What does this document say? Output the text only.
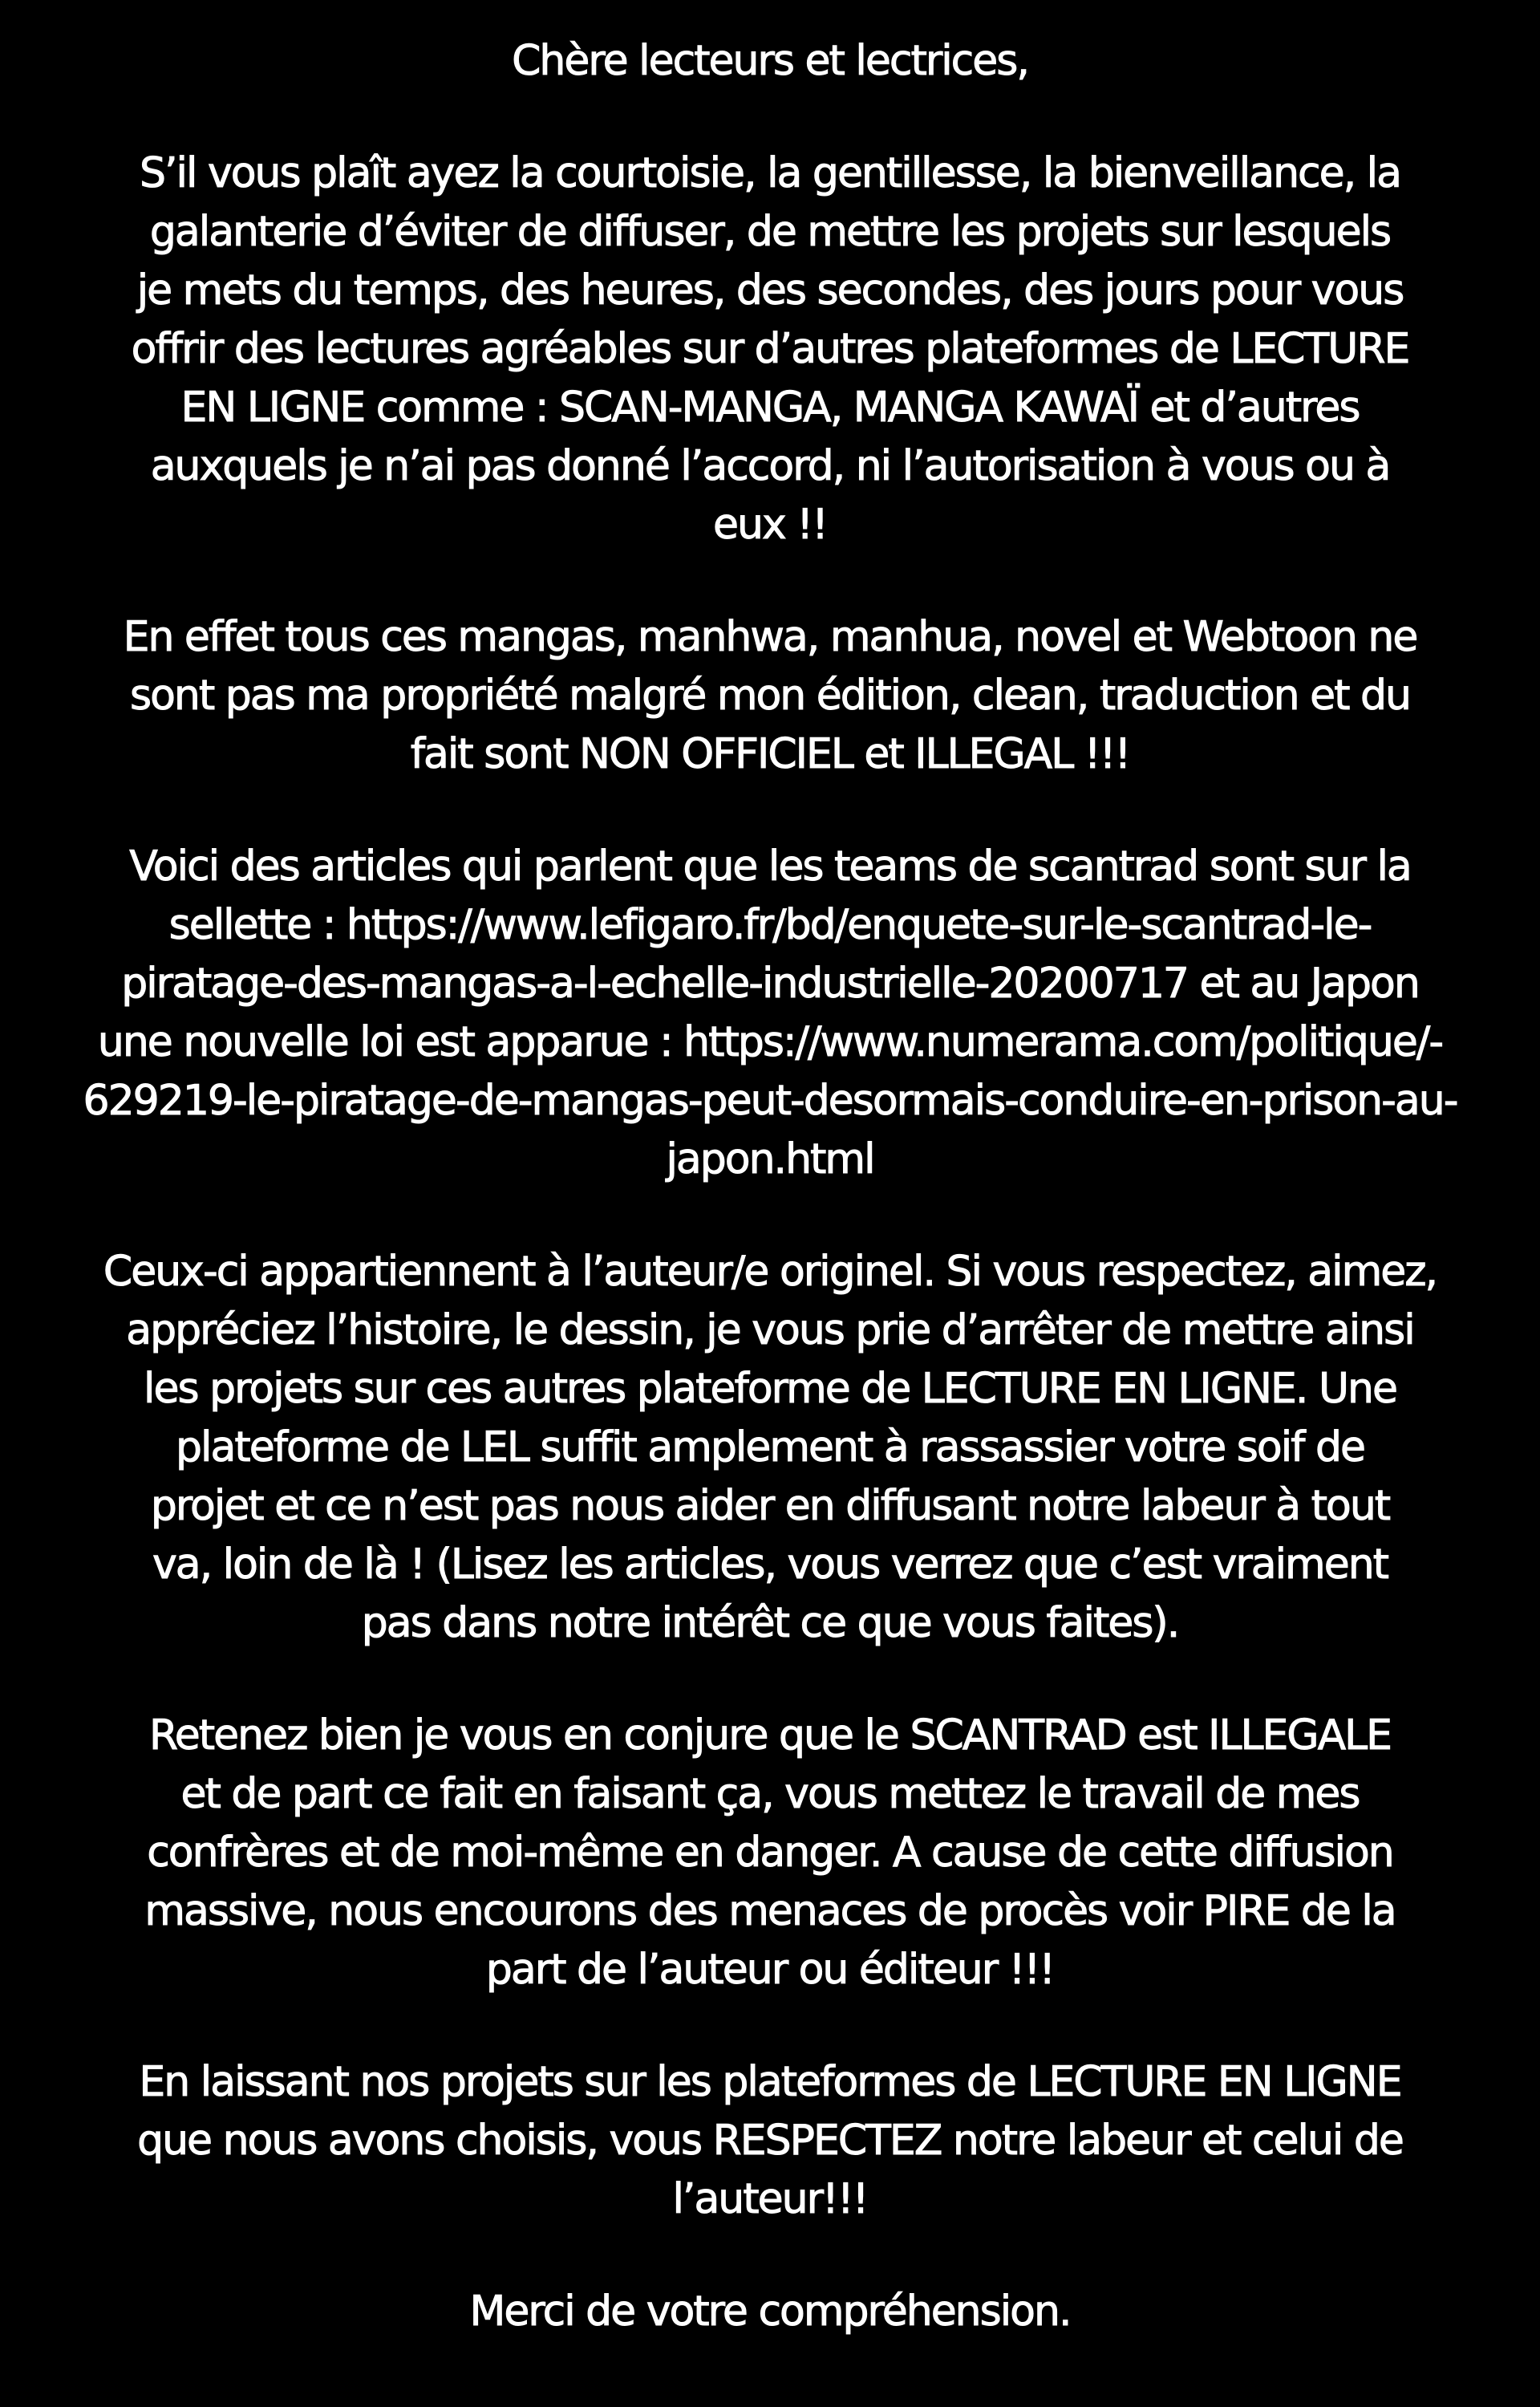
Chère lecteurs et lectrices,
S’il vous plaît ayez la courtoisie, la gentillesse, la bienveillance, la
galanterie d’éviter de diffuser, de mettre les projets sur lesquels
je mets du temps, des heures, des secondes, des jours pour vous
offrir des lectures agréables sur d’autres plateformes de LECTURE
EN LIGNE comme : SCAN-MANGA, MANGA KAWAÏ et d’autres
auxquels je n’ai pas donné l’accord, ni l’autorisation à vous ou à
eux !!
En effet tous ces mangas, manhwa, manhua, novel et Webtoon ne
sont pas ma propriété malgré mon édition, clean, traduction et du
fait sont NON OFFICIEL et ILLEGAL !!!
Voici des articles qui parlent que les teams de scantrad sont sur la
sellette : https://www.lefigaro.fr/bd/enquete-sur-le-scantrad-le-
piratage-des-mangas-a-l-echelle-industrielle-20200717 et au Japon
une nouvelle loi est apparue : https://www.numerama.com/politique/-
629219-le-piratage-de-mangas-peut-desormais-conduire-en-prison-au-
japon.html
Ceux-ci appartiennent à l’auteur/e originel. Si vous respectez, aimez,
appréciez l’histoire, le dessin, je vous prie d’arrêter de mettre ainsi
les projets sur ces autres plateforme de LECTURE EN LIGNE. Une
plateforme de LEL suffit amplement à rassassier votre soif de
projet et ce n’est pas nous aider en diffusant notre labeur à tout
va, loin de là ! (Lisez les articles, vous verrez que c’est vraiment
pas dans notre intérêt ce que vous faites).
Retenez bien je vous en conjure que le SCANTRAD est ILLEGALE
et de part ce fait en faisant ça, vous mettez le travail de mes
confrères et de moi-même en danger. A cause de cette diffusion
massive, nous encourons des menaces de procès voir PIRE de la
part de l’auteur ou éditeur !!!
En laissant nos projets sur les plateformes de LECTURE EN LIGNE
que nous avons choisis, vous RESPECTEZ notre labeur et celui de
l’auteur!!!
Merci de votre compréhension.
